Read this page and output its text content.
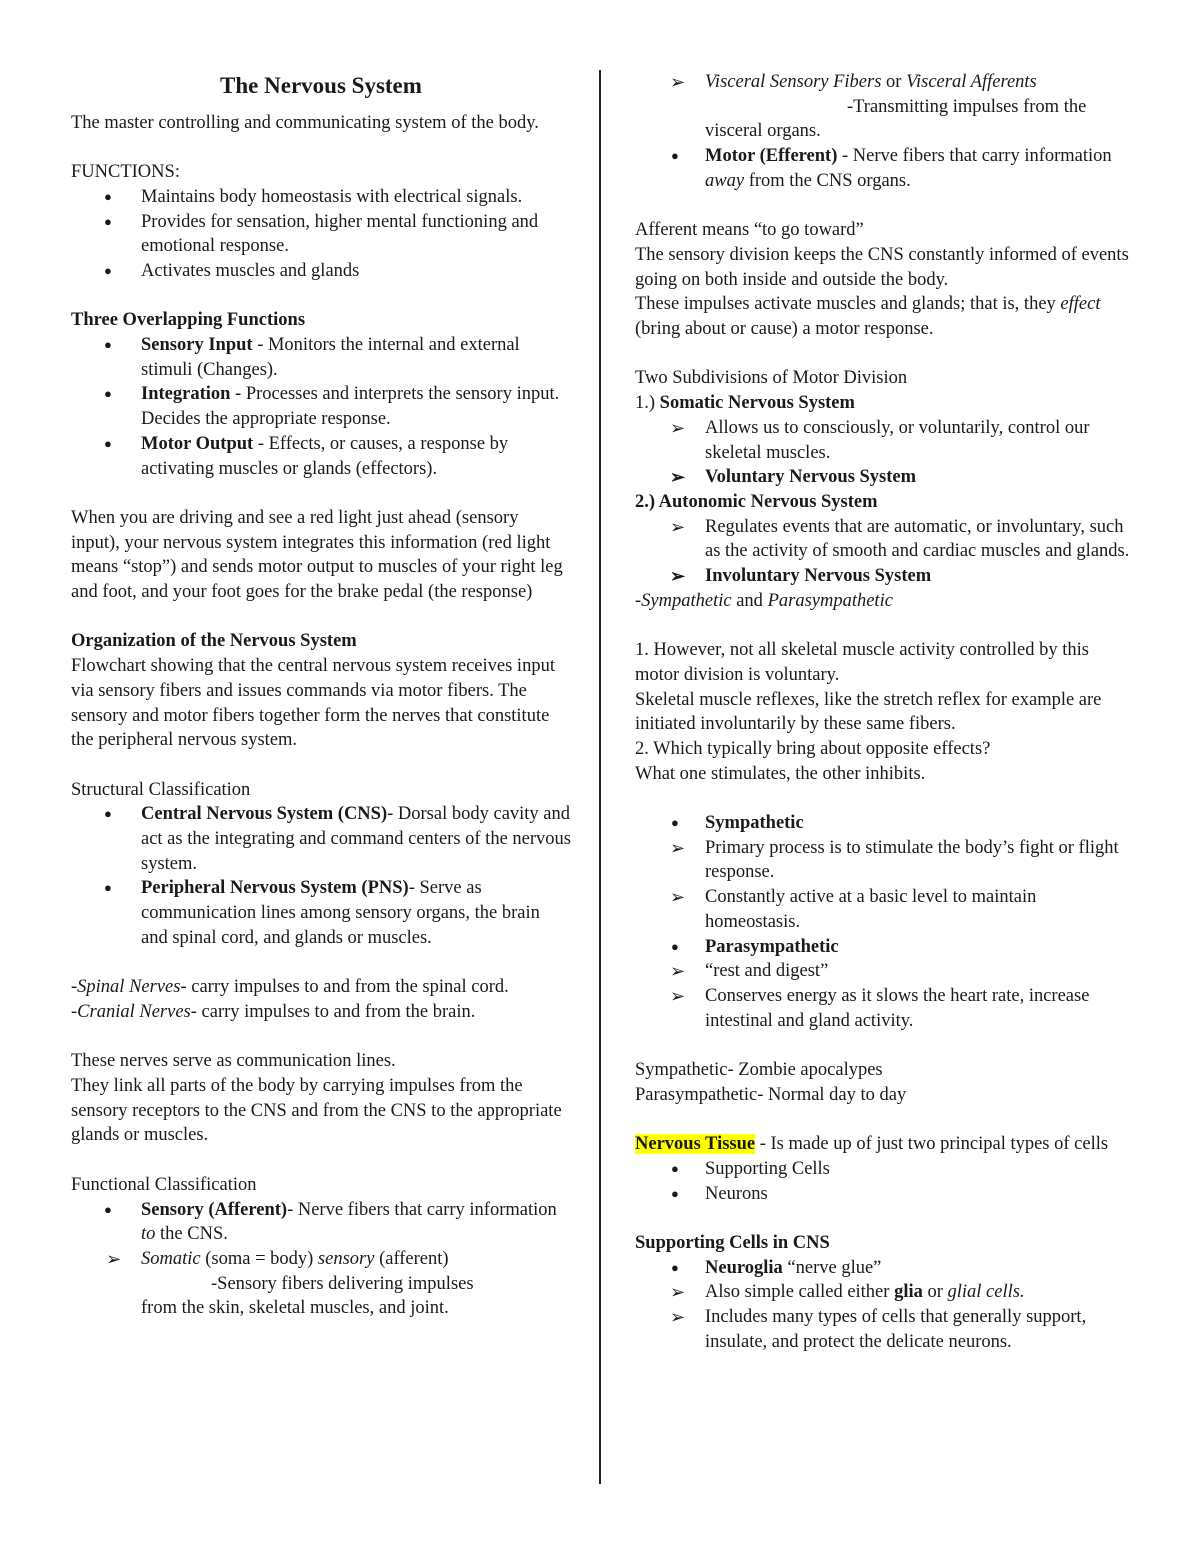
The Nervous System

The master controlling and communicating system of the body.

FUNCTIONS:

● Maintains body homeostasis with electrical signals.
● Provides for sensation, higher mental functioning and emotional response.
● Activates muscles and glands

Three Overlapping Functions

● Sensory Input - Monitors the internal and external stimuli (Changes).
● Integration - Processes and interprets the sensory input. Decides the appropriate response.
● Motor Output - Effects, or causes, a response by activating muscles or glands (effectors).

When you are driving and see a red light just ahead (sensory input), your nervous system integrates this information (red light means “stop”) and sends motor output to muscles of your right leg and foot, and your foot goes for the brake pedal (the response)

Organization of the Nervous System

Flowchart showing that the central nervous system receives input via sensory fibers and issues commands via motor fibers. The sensory and motor fibers together form the nerves that constitute the peripheral nervous system.

Structural Classification

● Central Nervous System (CNS)- Dorsal body cavity and act as the integrating and command centers of the nervous system.
● Peripheral Nervous System (PNS)- Serve as communication lines among sensory organs, the brain and spinal cord, and glands or muscles.

-Spinal Nerves- carry impulses to and from the spinal cord.

-Cranial Nerves- carry impulses to and from the brain.

These nerves serve as communication lines.

They link all parts of the body by carrying impulses from the sensory receptors to the CNS and from the CNS to the appropriate glands or muscles.

Functional Classification

● Sensory (Afferent)- Nerve fibers that carry information to the CNS.
➢ Somatic (soma = body) sensory (afferent)

-Sensory fibers delivering impulses

from the skin, skeletal muscles, and joint.

➢ Visceral Sensory Fibers or Visceral Afferents

-Transmitting impulses from the

visceral organs.

● Motor (Efferent) - Nerve fibers that carry information away from the CNS organs.

Afferent means “to go toward”

The sensory division keeps the CNS constantly informed of events going on both inside and outside the body.

These impulses activate muscles and glands; that is, they effect (bring about or cause) a motor response.

Two Subdivisions of Motor Division

1.) Somatic Nervous System

➢ Allows us to consciously, or voluntarily, control our skeletal muscles.
➢ Voluntary Nervous System

2.) Autonomic Nervous System

➢ Regulates events that are automatic, or involuntary, such as the activity of smooth and cardiac muscles and glands.
➢ Involuntary Nervous System

-Sympathetic and Parasympathetic

1. However, not all skeletal muscle activity controlled by this motor division is voluntary.

Skeletal muscle reflexes, like the stretch reflex for example are initiated involuntarily by these same fibers.

2. Which typically bring about opposite effects?

What one stimulates, the other inhibits.

● Sympathetic
➢ Primary process is to stimulate the body’s fight or flight response.
➢ Constantly active at a basic level to maintain homeostasis.
● Parasympathetic
➢ “rest and digest”
➢ Conserves energy as it slows the heart rate, increase intestinal and gland activity.

Sympathetic- Zombie apocalypes

Parasympathetic- Normal day to day

Nervous Tissue - Is made up of just two principal types of cells

● Supporting Cells
● Neurons

Supporting Cells in CNS

● Neuroglia “nerve glue”
➢ Also simple called either glia or glial cells.
➢ Includes many types of cells that generally support, insulate, and protect the delicate neurons.
